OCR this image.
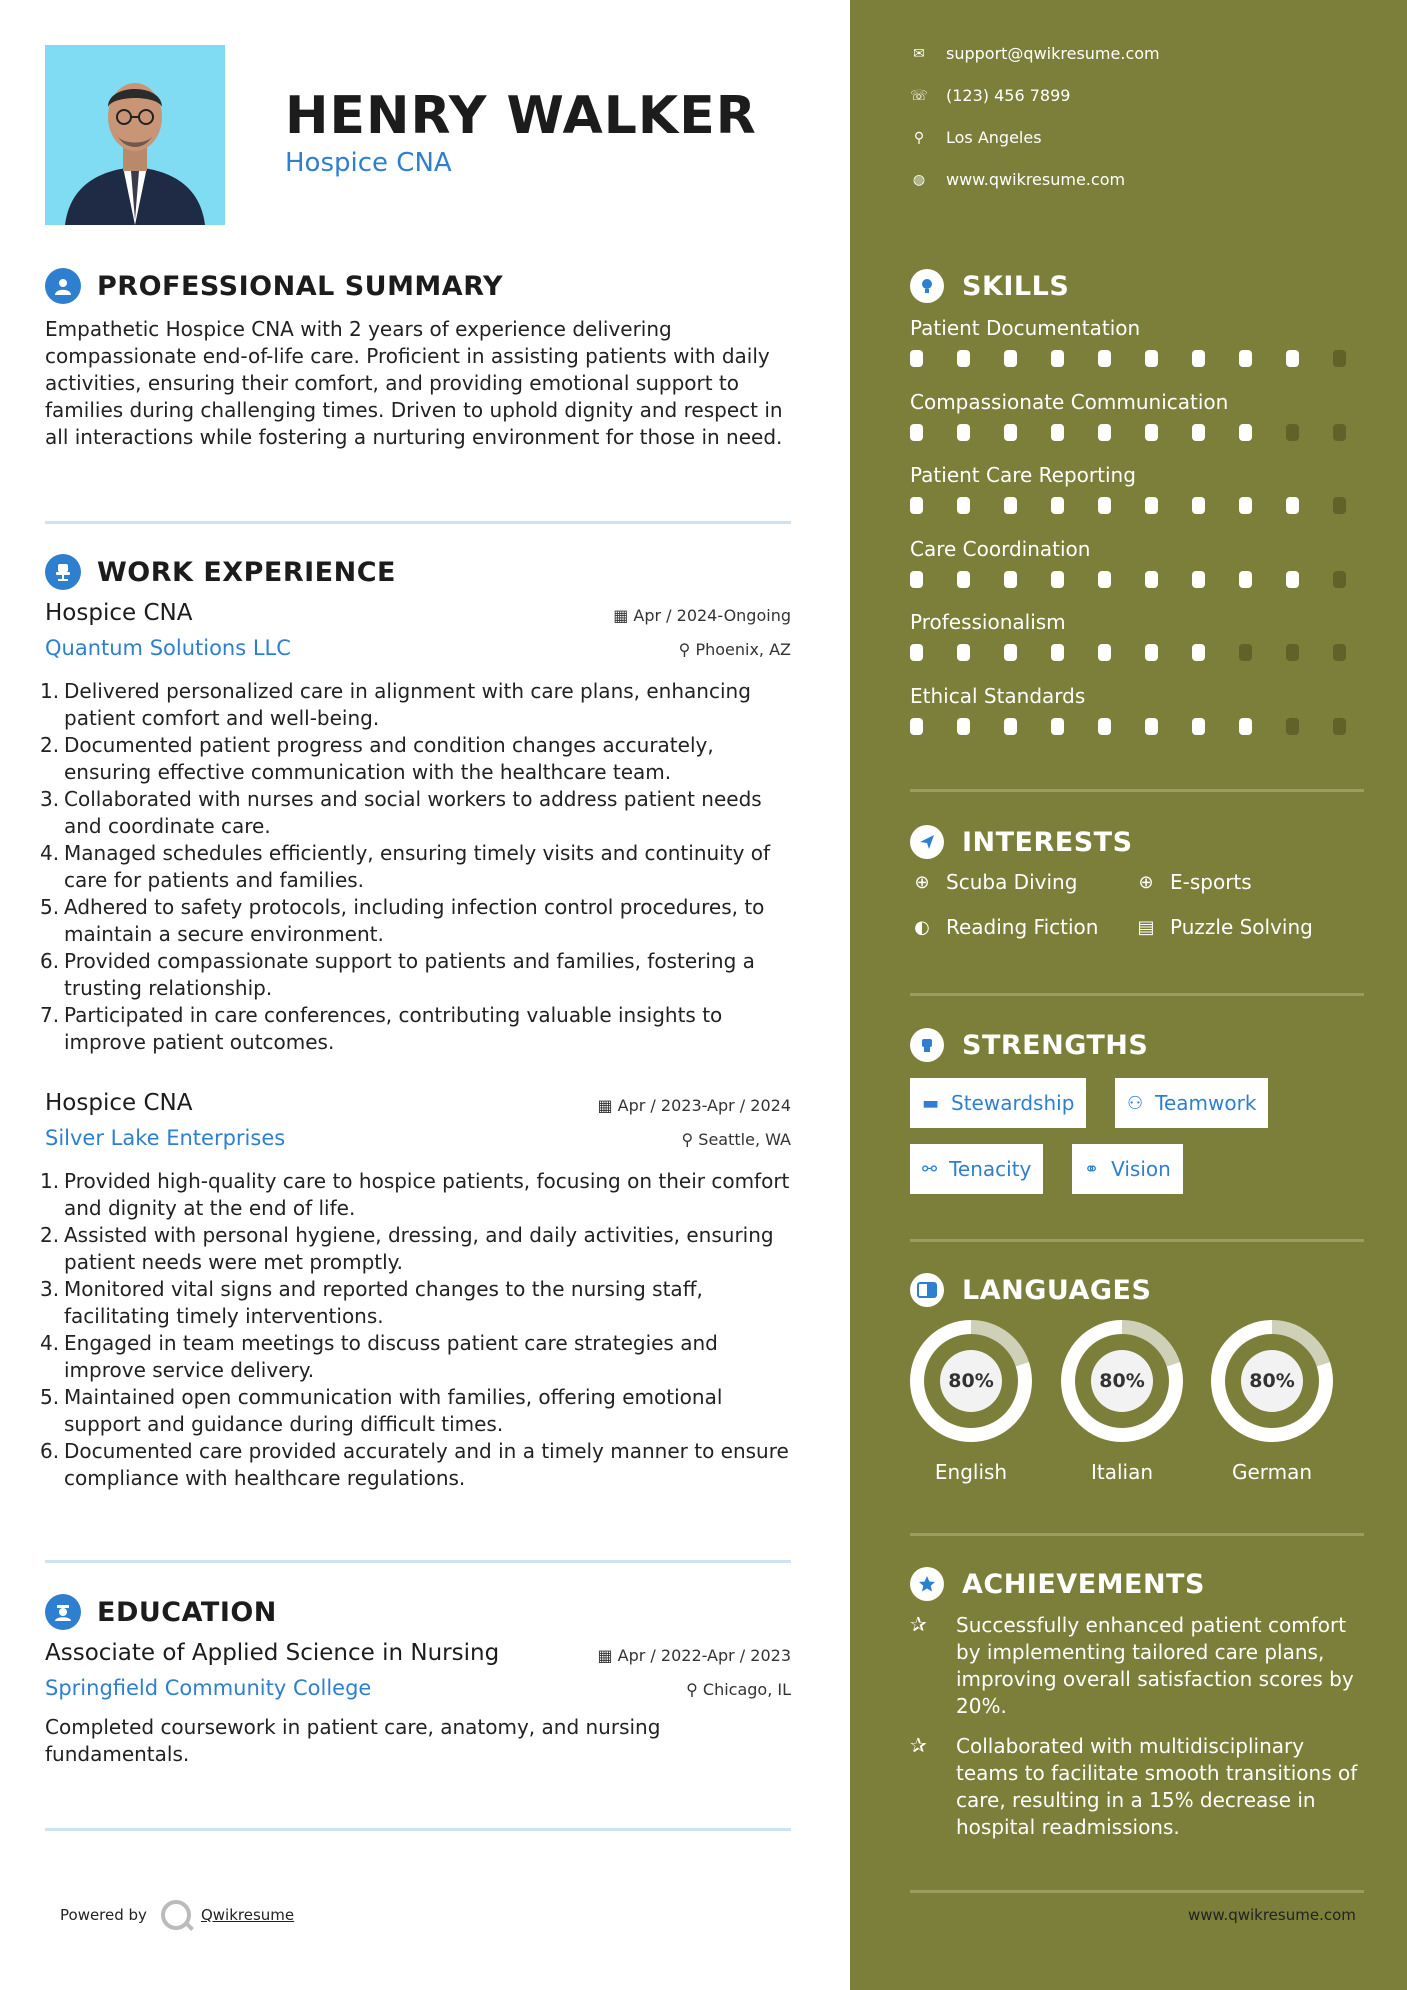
HENRY WALKER
Hospice CNA
PROFESSIONAL SUMMARY
Empathetic Hospice CNA with 2 years of experience delivering compassionate end-of-life care. Proficient in assisting patients with daily activities, ensuring their comfort, and providing emotional support to families during challenging times. Driven to uphold dignity and respect in all interactions while fostering a nurturing environment for those in need.
WORK EXPERIENCE
Hospice CNA	▦ Apr / 2024-Ongoing
Quantum Solutions LLC	⚲ Phoenix, AZ
1. Delivered personalized care in alignment with care plans, enhancing patient comfort and well-being.
2. Documented patient progress and condition changes accurately, ensuring effective communication with the healthcare team.
3. Collaborated with nurses and social workers to address patient needs and coordinate care.
4. Managed schedules efficiently, ensuring timely visits and continuity of care for patients and families.
5. Adhered to safety protocols, including infection control procedures, to maintain a secure environment.
6. Provided compassionate support to patients and families, fostering a trusting relationship.
7. Participated in care conferences, contributing valuable insights to improve patient outcomes.
Hospice CNA	▦ Apr / 2023-Apr / 2024
Silver Lake Enterprises	⚲ Seattle, WA
1. Provided high-quality care to hospice patients, focusing on their comfort and dignity at the end of life.
2. Assisted with personal hygiene, dressing, and daily activities, ensuring patient needs were met promptly.
3. Monitored vital signs and reported changes to the nursing staff, facilitating timely interventions.
4. Engaged in team meetings to discuss patient care strategies and improve service delivery.
5. Maintained open communication with families, offering emotional support and guidance during difficult times.
6. Documented care provided accurately and in a timely manner to ensure compliance with healthcare regulations.
EDUCATION
Associate of Applied Science in Nursing	▦ Apr / 2022-Apr / 2023
Springfield Community College	⚲ Chicago, IL
Completed coursework in patient care, anatomy, and nursing fundamentals.
Powered by	Qwikresume
✉ support@qwikresume.com
☏ (123) 456 7899
⚲ Los Angeles
◍ www.qwikresume.com
SKILLS
Patient Documentation
Compassionate Communication
Patient Care Reporting
Care Coordination
Professionalism
Ethical Standards
INTERESTS
⊕ Scuba Diving	⊕ E-sports
◐ Reading Fiction ▤ Puzzle Solving
STRENGTHS
▬ Stewardship	⚇ Teamwork
⚯ Tenacity	⚭ Vision
LANGUAGES
80%
English
80%
Italian
80%
German
ACHIEVEMENTS
✰	Successfully enhanced patient comfort by implementing tailored care plans, improving overall satisfaction scores by 20%.
✰	Collaborated with multidisciplinary teams to facilitate smooth transitions of care, resulting in a 15% decrease in hospital readmissions.
www.qwikresume.com
